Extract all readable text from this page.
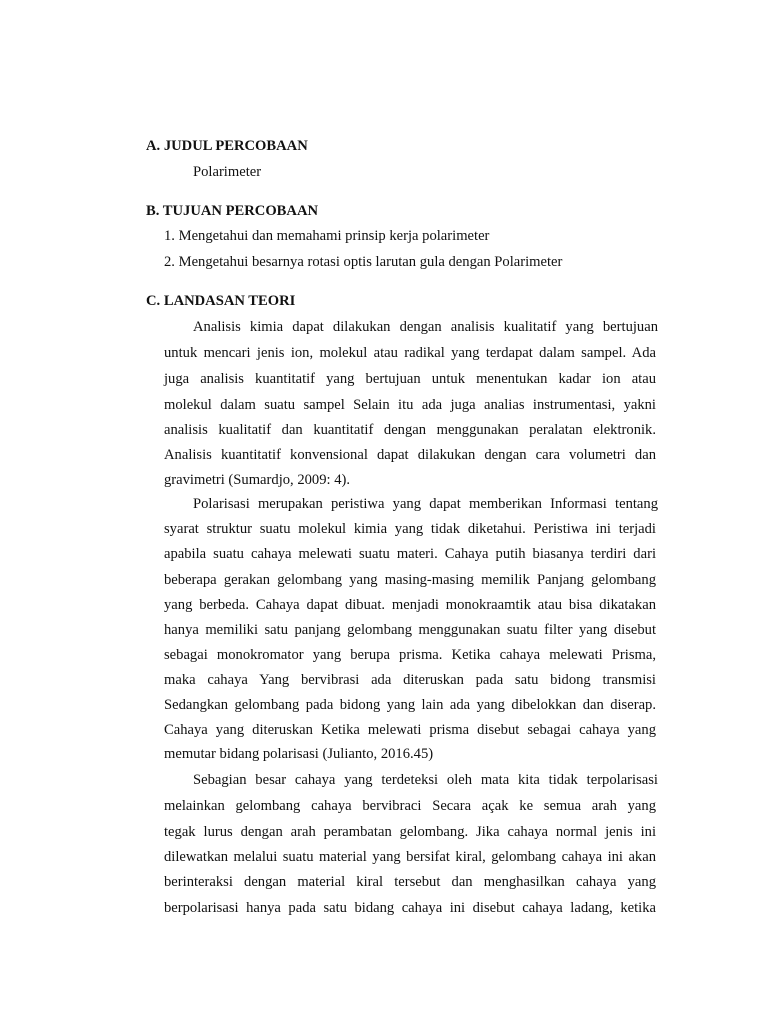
A. JUDUL PERCOBAAN
Polarimeter
B. TUJUAN PERCOBAAN
1. Mengetahui dan memahami prinsip kerja polarimeter
2. Mengetahui besarnya rotasi optis larutan gula dengan Polarimeter
C. LANDASAN TEORI
Analisis kimia dapat dilakukan dengan analisis kualitatif yang bertujuan
untuk mencari jenis ion, molekul atau radikal yang terdapat dalam sampel. Ada
juga analisis kuantitatif yang bertujuan untuk menentukan kadar ion atau
molekul dalam suatu sampel Selain itu ada juga analias instrumentasi, yakni
analisis kualitatif dan kuantitatif dengan menggunakan peralatan elektronik.
Analisis kuantitatif konvensional dapat dilakukan dengan cara volumetri dan
gravimetri (Sumardjo, 2009: 4).
Polarisasi merupakan peristiwa yang dapat memberikan Informasi tentang
syarat struktur suatu molekul kimia yang tidak diketahui. Peristiwa ini terjadi
apabila suatu cahaya melewati suatu materi. Cahaya putih biasanya terdiri dari
beberapa gerakan gelombang yang masing-masing memilik Panjang gelombang
yang berbeda. Cahaya dapat dibuat. menjadi monokraamtik atau bisa dikatakan
hanya memiliki satu panjang gelombang menggunakan suatu filter yang disebut
sebagai monokromator yang berupa prisma. Ketika cahaya melewati Prisma,
maka cahaya Yang bervibrasi ada diteruskan pada satu bidong transmisi
Sedangkan gelombang pada bidong yang lain ada yang dibelokkan dan diserap.
Cahaya yang diteruskan Ketika melewati prisma disebut sebagai cahaya yang
memutar bidang polarisasi (Julianto, 2016.45)
Sebagian besar cahaya yang terdeteksi oleh mata kita tidak terpolarisasi
melainkan gelombang cahaya bervibraci Secara açak ke semua arah yang
tegak lurus dengan arah perambatan gelombang. Jika cahaya normal jenis ini
dilewatkan melalui suatu material yang bersifat kiral, gelombang cahaya ini akan
berinteraksi dengan material kiral tersebut dan menghasilkan cahaya yang
berpolarisasi hanya pada satu bidang cahaya ini disebut cahaya ladang, ketika
